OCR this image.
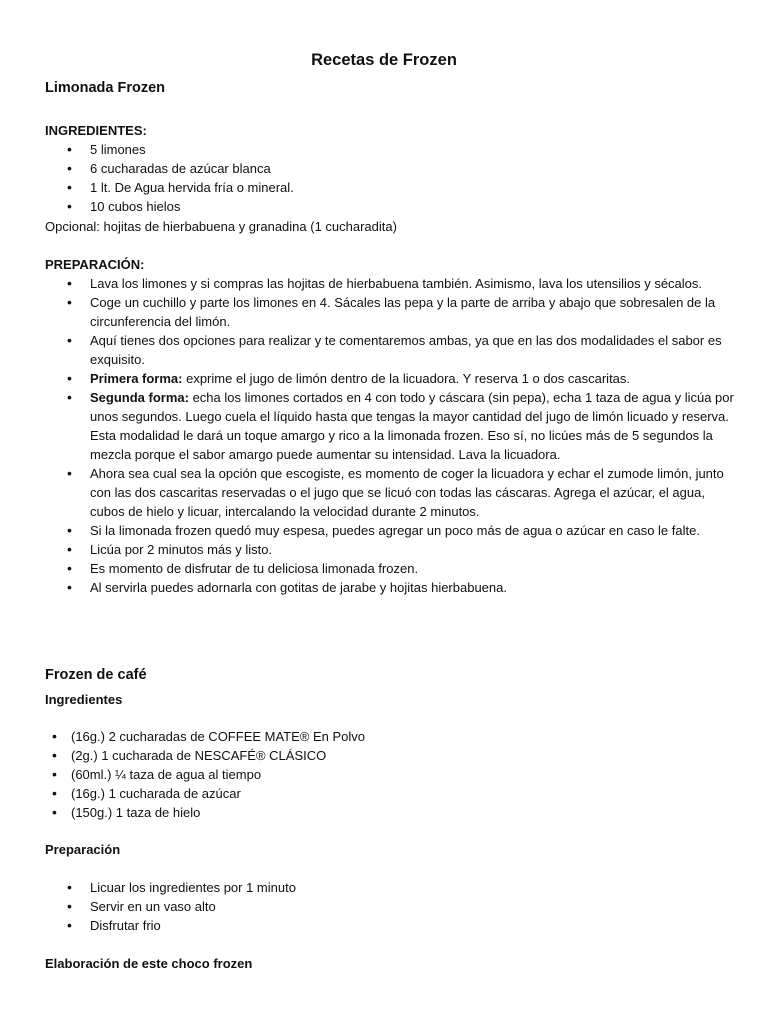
Recetas de Frozen
Limonada Frozen
INGREDIENTES:
• 5 limones
• 6 cucharadas de azúcar blanca
• 1 lt. De Agua hervida fría o mineral.
• 10 cubos hielos
Opcional: hojitas de hierbabuena y granadina (1 cucharadita)
PREPARACIÓN:
• Lava los limones y si compras las hojitas de hierbabuena también. Asimismo, lava los utensilios y sécalos.
• Coge un cuchillo y parte los limones en 4. Sácales las pepa y la parte de arriba y abajo que sobresalen de la circunferencia del limón.
• Aquí tienes dos opciones para realizar y te comentaremos ambas, ya que en las dos modalidades el sabor es exquisito.
• Primera forma: exprime el jugo de limón dentro de la licuadora. Y reserva 1 o dos cascaritas.
• Segunda forma: echa los limones cortados en 4 con todo y cáscara (sin pepa), echa 1 taza de agua y licúa por unos segundos. Luego cuela el líquido hasta que tengas la mayor cantidad del jugo de limón licuado y reserva. Esta modalidad le dará un toque amargo y rico a la limonada frozen. Eso sí, no licúes más de 5 segundos la mezcla porque el sabor amargo puede aumentar su intensidad. Lava la licuadora.
• Ahora sea cual sea la opción que escogiste, es momento de coger la licuadora y echar el zumode limón, junto con las dos cascaritas reservadas o el jugo que se licuó con todas las cáscaras. Agrega el azúcar, el agua, cubos de hielo y licuar, intercalando la velocidad durante 2 minutos.
• Si la limonada frozen quedó muy espesa, puedes agregar un poco más de agua o azúcar en caso le falte.
• Licúa por 2 minutos más y listo.
• Es momento de disfrutar de tu deliciosa limonada frozen.
• Al servirla puedes adornarla con gotitas de jarabe y hojitas hierbabuena.
Frozen de café
Ingredientes
• (16g.) 2 cucharadas de COFFEE MATE® En Polvo
• (2g.) 1 cucharada de NESCAFÉ® CLÁSICO
• (60ml.) ¼ taza de agua al tiempo
• (16g.) 1 cucharada de azúcar
• (150g.) 1 taza de hielo
Preparación
• Licuar los ingredientes por 1 minuto
• Servir en un vaso alto
• Disfrutar frio
Elaboración de este choco frozen
